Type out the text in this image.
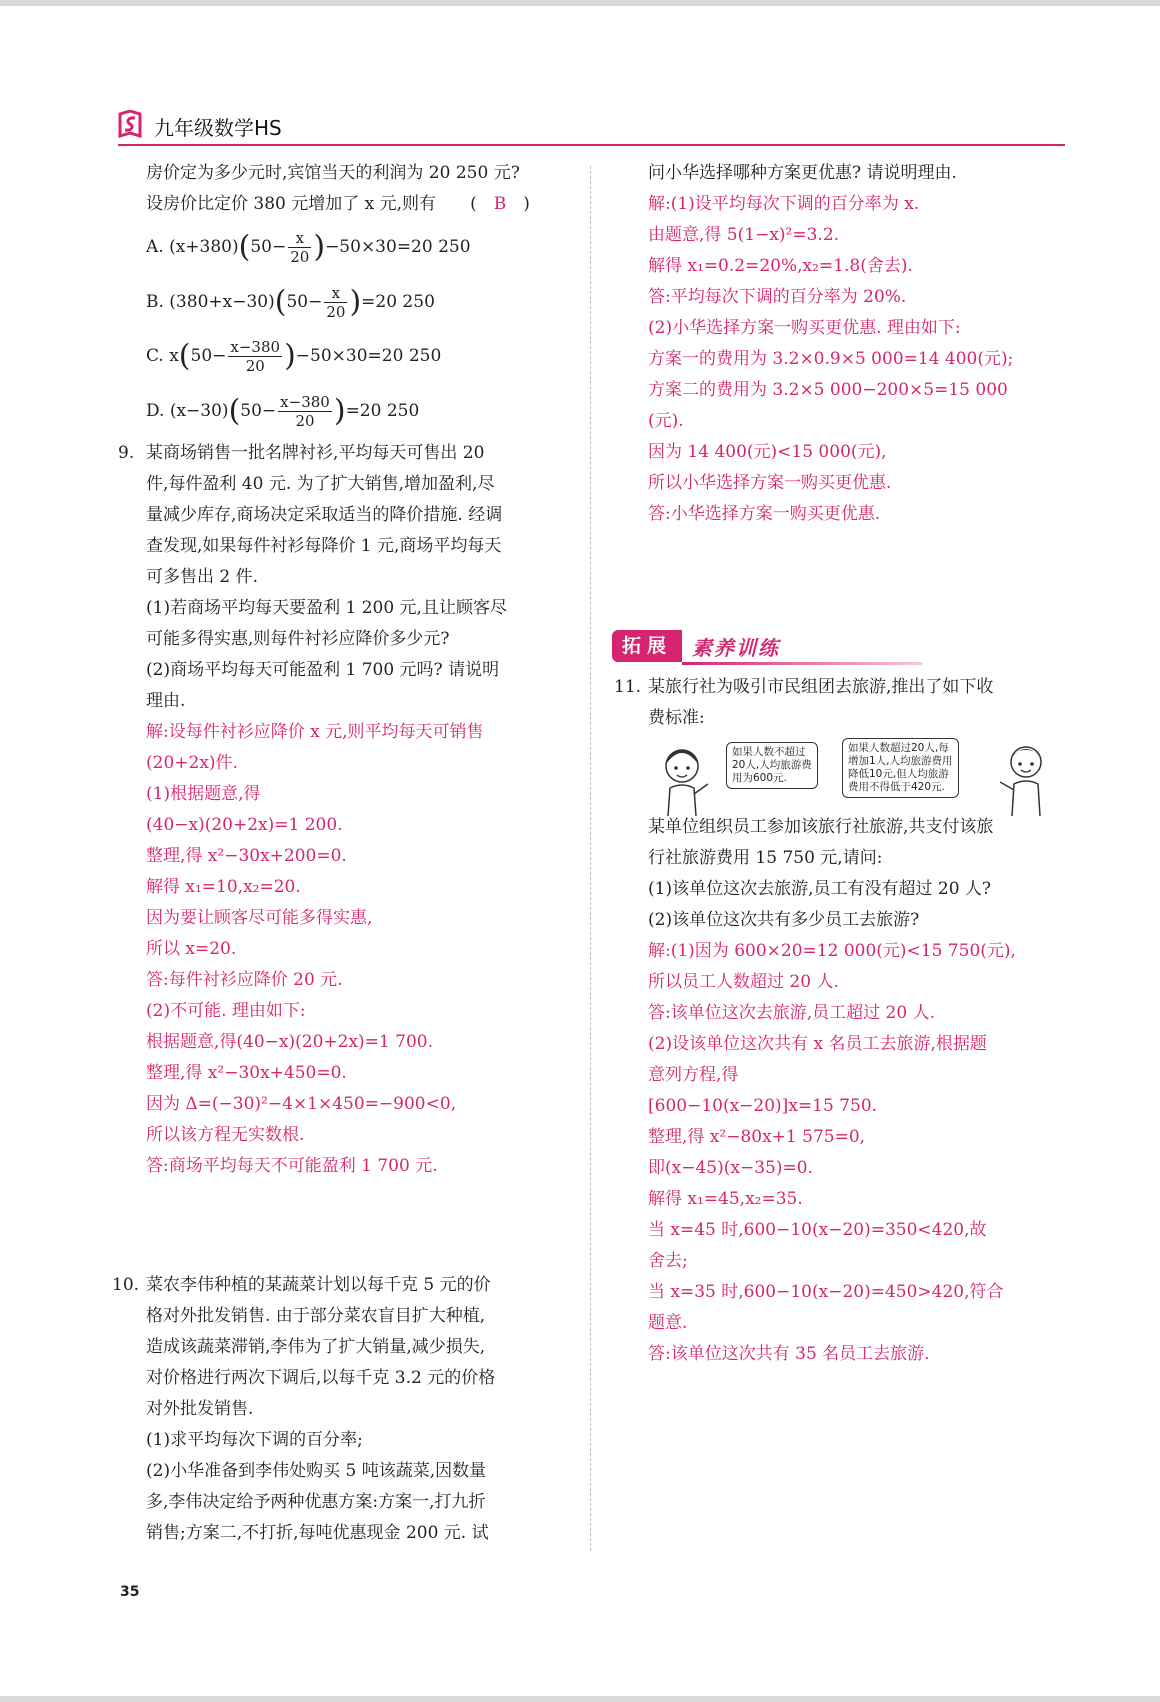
九年级数学HS

房价定为多少元时,宾馆当天的利润为 20 250 元?

设房价比定价 380 元增加了 x 元,则有　　 (　 B　 )

A. $(x+380)(50- \frac{x}{20} )-50\times 30=20$ 250

B. $(380+x-30)(50- \frac{x}{20} )=20$ 250

C. $x(50- \frac{x-380}{20} )-50\times 30=20$ 250

D. $(x-30)(50- \frac{x-380}{20} )=20$ 250

9. 某商场销售一批名牌衬衫,平均每天可售出 20

件,每件盈利 40 元. 为了扩大销售,增加盈利,尽

量减少库存,商场决定采取适当的降价措施. 经调

查发现,如果每件衬衫每降价 1 元,商场平均每天

可多售出 2 件.

(1)若商场平均每天要盈利 1 200 元,且让顾客尽

可能多得实惠,则每件衬衫应降价多少元?

(2)商场平均每天可能盈利 1 700 元吗? 请说明

理由.

解:设每件衬衫应降价 x 元,则平均每天可销售

(20+2x)件.

(1)根据题意,得

(40−x)(20+2x)=1 200.

整理,得 x²−30x+200=0.

解得 x₁=10,x₂=20.

因为要让顾客尽可能多得实惠,

所以 x=20.

答:每件衬衫应降价 20 元.

(2)不可能. 理由如下:

根据题意,得(40−x)(20+2x)=1 700.

整理,得 x²−30x+450=0.

因为 Δ=(−30)²−4×1×450=−900<0,

所以该方程无实数根.

答:商场平均每天不可能盈利 1 700 元.

10. 菜农李伟种植的某蔬菜计划以每千克 5 元的价

格对外批发销售. 由于部分菜农盲目扩大种植,

造成该蔬菜滞销,李伟为了扩大销量,减少损失,

对价格进行两次下调后,以每千克 3.2 元的价格

对外批发销售.

(1)求平均每次下调的百分率;

(2)小华准备到李伟处购买 5 吨该蔬菜,因数量

多,李伟决定给予两种优惠方案:方案一,打九折

销售;方案二,不打折,每吨优惠现金 200 元. 试

问小华选择哪种方案更优惠? 请说明理由.

解:(1)设平均每次下调的百分率为 x.

由题意,得 5(1−x)²=3.2.

解得 x₁=0.2=20%,x₂=1.8(舍去).

答:平均每次下调的百分率为 20%.

(2)小华选择方案一购买更优惠. 理由如下:

方案一的费用为 3.2×0.9×5 000=14 400(元);

方案二的费用为 3.2×5 000−200×5=15 000

(元).

因为 14 400(元)<15 000(元),

所以小华选择方案一购买更优惠.

答:小华选择方案一购买更优惠.

拓展	素养训练

11. 某旅行社为吸引市民组团去旅游,推出了如下收

费标准:

如果人数不超过
20人,人均旅游费
用为600元.
如果人数超过20人,每
增加1人,人均旅游费用
降低10元,但人均旅游
费用不得低于420元.

某单位组织员工参加该旅行社旅游,共支付该旅

行社旅游费用 15 750 元,请问:

(1)该单位这次去旅游,员工有没有超过 20 人?

(2)该单位这次共有多少员工去旅游?

解:(1)因为 600×20=12 000(元)<15 750(元),

所以员工人数超过 20 人.

答:该单位这次去旅游,员工超过 20 人.

(2)设该单位这次共有 x 名员工去旅游,根据题

意列方程,得

[600−10(x−20)]x=15 750.

整理,得 x²−80x+1 575=0,

即(x−45)(x−35)=0.

解得 x₁=45,x₂=35.

当 x=45 时,600−10(x−20)=350<420,故

舍去;

当 x=35 时,600−10(x−20)=450>420,符合

题意.

答:该单位这次共有 35 名员工去旅游.

35
